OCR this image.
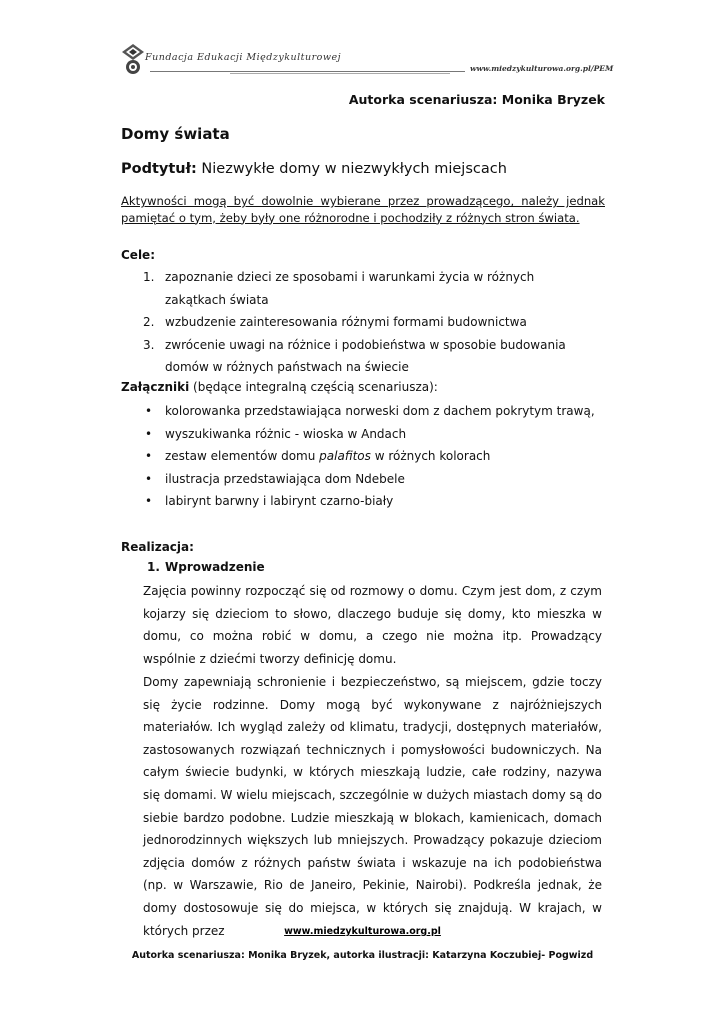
Fundacja Edukacji Międzykulturowej
www.miedzykulturowa.org.pl/PEM
Autorka scenariusza: Monika Bryzek
Domy świata
Podtytuł: Niezwykłe domy w niezwykłych miejscach
Aktywności mogą być dowolnie wybierane przez prowadzącego, należy jednak pamiętać o tym, żeby były one różnorodne i pochodziły z różnych stron świata.
Cele:
1. zapoznanie dzieci ze sposobami i warunkami życia w różnych zakątkach świata
2. wzbudzenie zainteresowania różnymi formami budownictwa
3. zwrócenie uwagi na różnice i podobieństwa w sposobie budowania domów w różnych państwach na świecie
Załączniki (będące integralną częścią scenariusza):
• kolorowanka przedstawiająca norweski dom z dachem pokrytym trawą,
• wyszukiwanka różnic - wioska w Andach
• zestaw elementów domu palafitos w różnych kolorach
• ilustracja przedstawiająca dom Ndebele
• labirynt barwny i labirynt czarno-biały
Realizacja:
1. Wprowadzenie
Zajęcia powinny rozpocząć się od rozmowy o domu. Czym jest dom, z czym kojarzy się dzieciom to słowo, dlaczego buduje się domy, kto mieszka w domu, co można robić w domu, a czego nie można itp. Prowadzący wspólnie z dziećmi tworzy definicję domu.
Domy zapewniają schronienie i bezpieczeństwo, są miejscem, gdzie toczy się życie rodzinne. Domy mogą być wykonywane z najróżniejszych materiałów. Ich wygląd zależy od klimatu, tradycji, dostępnych materiałów, zastosowanych rozwiązań technicznych i pomysłowości budowniczych. Na całym świecie budynki, w których mieszkają ludzie, całe rodziny, nazywa się domami. W wielu miejscach, szczególnie w dużych miastach domy są do siebie bardzo podobne. Ludzie mieszkają w blokach, kamienicach, domach jednorodzinnych większych lub mniejszych. Prowadzący pokazuje dzieciom zdjęcia domów z różnych państw świata i wskazuje na ich podobieństwa (np. w Warszawie, Rio de Janeiro, Pekinie, Nairobi). Podkreśla jednak, że domy dostosowuje się do miejsca, w których się znajdują. W krajach, w których przez	www.miedzykulturowa.org.pl
Autorka scenariusza: Monika Bryzek, autorka ilustracji: Katarzyna Koczubiej- Pogwizd
